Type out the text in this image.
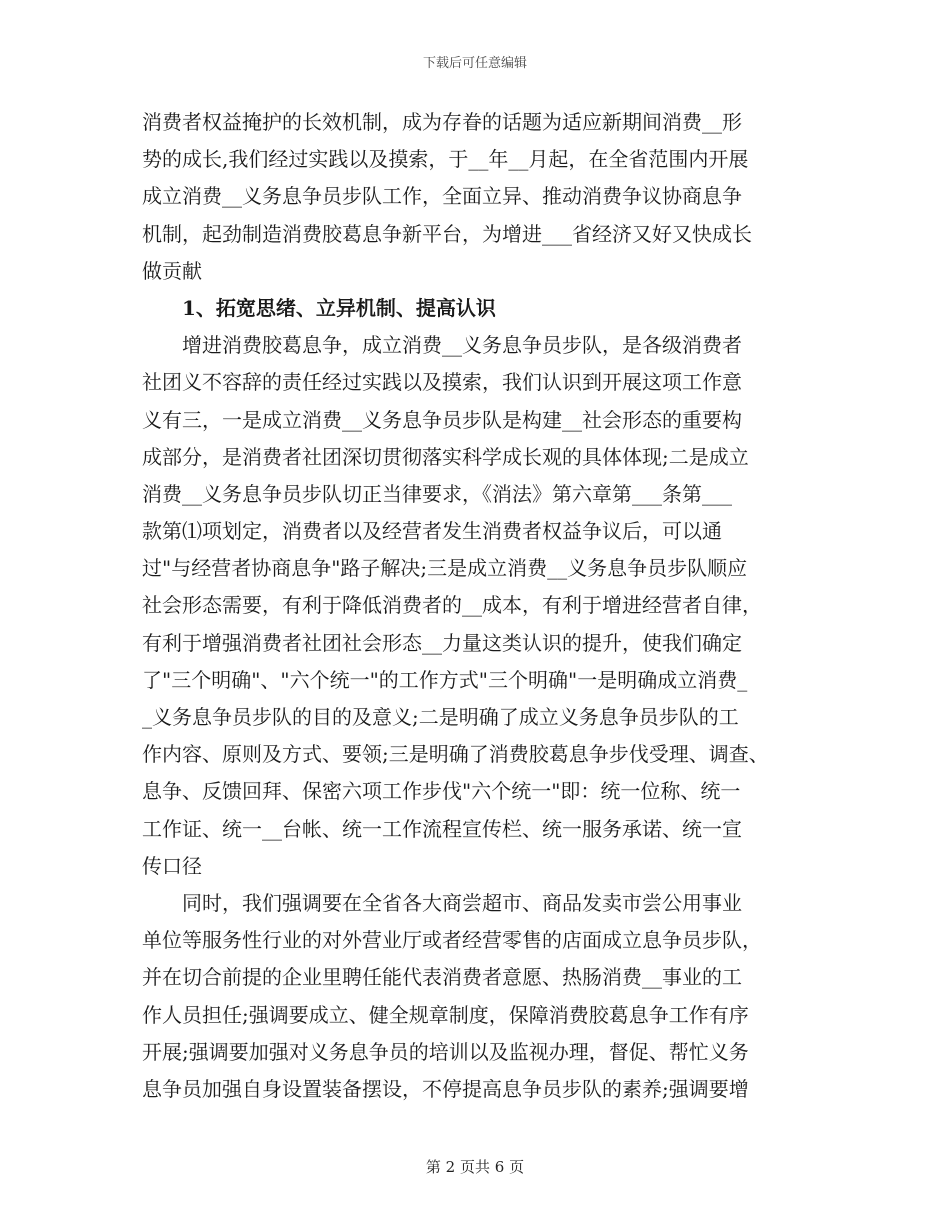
下载后可任意编辑
消费者权益掩护的长效机制，成为存眷的话题为适应新期间消费__形
势的成长,我们经过实践以及摸索，于__年__月起，在全省范围内开展
成立消费__义务息争员步队工作，全面立异、推动消费争议协商息争
机制，起劲制造消费胶葛息争新平台，为增进___省经济又好又快成长
做贡献
　　1、拓宽思绪、立异机制、提高认识
　　增进消费胶葛息争，成立消费__义务息争员步队，是各级消费者
社团义不容辞的责任经过实践以及摸索，我们认识到开展这项工作意
义有三，一是成立消费__义务息争员步队是构建__社会形态的重要构
成部分，是消费者社团深切贯彻落实科学成长观的具体体现;二是成立
消费__义务息争员步队切正当律要求，《消法》第六章第___条第___
款第⑴项划定，消费者以及经营者发生消费者权益争议后，可以通
过"与经营者协商息争"路子解决;三是成立消费__义务息争员步队顺应
社会形态需要，有利于降低消费者的__成本，有利于增进经营者自律，
有利于增强消费者社团社会形态__力量这类认识的提升，使我们确定
了"三个明确"、"六个统一"的工作方式"三个明确"一是明确成立消费_
_义务息争员步队的目的及意义;二是明确了成立义务息争员步队的工
作内容、原则及方式、要领;三是明确了消费胶葛息争步伐受理、调查、
息争、反馈回拜、保密六项工作步伐"六个统一"即：统一位称、统一
工作证、统一__台帐、统一工作流程宣传栏、统一服务承诺、统一宣
传口径
　　同时，我们强调要在全省各大商尝超市、商品发卖市尝公用事业
单位等服务性行业的对外营业厅或者经营零售的店面成立息争员步队，
并在切合前提的企业里聘任能代表消费者意愿、热肠消费__事业的工
作人员担任;强调要成立、健全规章制度，保障消费胶葛息争工作有序
开展;强调要加强对义务息争员的培训以及监视办理，督促、帮忙义务
息争员加强自身设置装备摆设，不停提高息争员步队的素养;强调要增
第 2 页共 6 页
